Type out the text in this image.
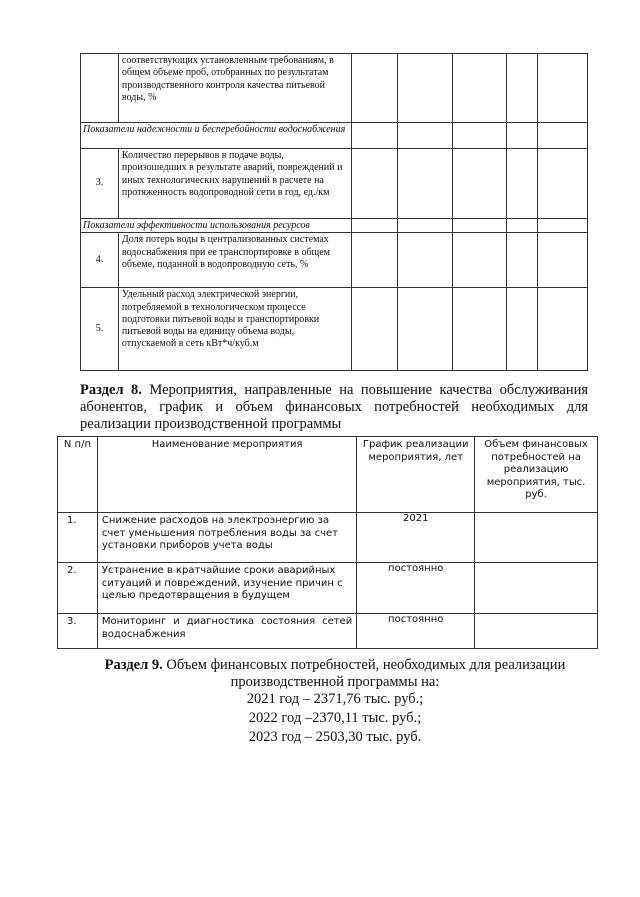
	соответствующих установленным требованиям, в общем объеме проб, отобранных по результатам производственного контроля качества питьевой воды, %					
Показатели надежности и бесперебойности водоснабжения						
3.	Количество перерывов в подаче воды, произошедших в результате аварий, повреждений и иных технологических нарушений в расчете на протяженность водопроводной сети в год, ед./км					
Показатели эффективности использования ресурсов						
4.	Доля потерь воды в централизованных системах водоснабжения при ее транспортировке в общем объеме, поданной в водопроводную сеть, %					
5.	Удельный расход электрической энергии, потребляемой в технологическом процессе подготовки питьевой воды и транспортировки питьевой воды на единицу объема воды, отпускаемой в сеть кВт*ч/куб.м					
Раздел 8. Мероприятия, направленные на повышение качества обслуживания абонентов, график и объем финансовых потребностей необходимых для реализации производственной программы
N п/п	Наименование мероприятия	График реализации мероприятия, лет	Объем финансовых потребностей на реализацию мероприятия, тыс. руб.
1.	Снижение расходов на электроэнергию за счет уменьшения потребления воды за счет установки приборов учета воды	2021	
2.	Устранение в кратчайшие сроки аварийных ситуаций и повреждений, изучение причин с целью предотвращения в будущем	постоянно	
3.	Мониторинг и диагностика состояния сетей водоснабжения	постоянно	
Раздел 9. Объем финансовых потребностей, необходимых для реализации
производственной программы на:
2021 год – 2371,76 тыс. руб.;
2022 год –2370,11 тыс. руб.;
2023 год – 2503,30 тыс. руб.
